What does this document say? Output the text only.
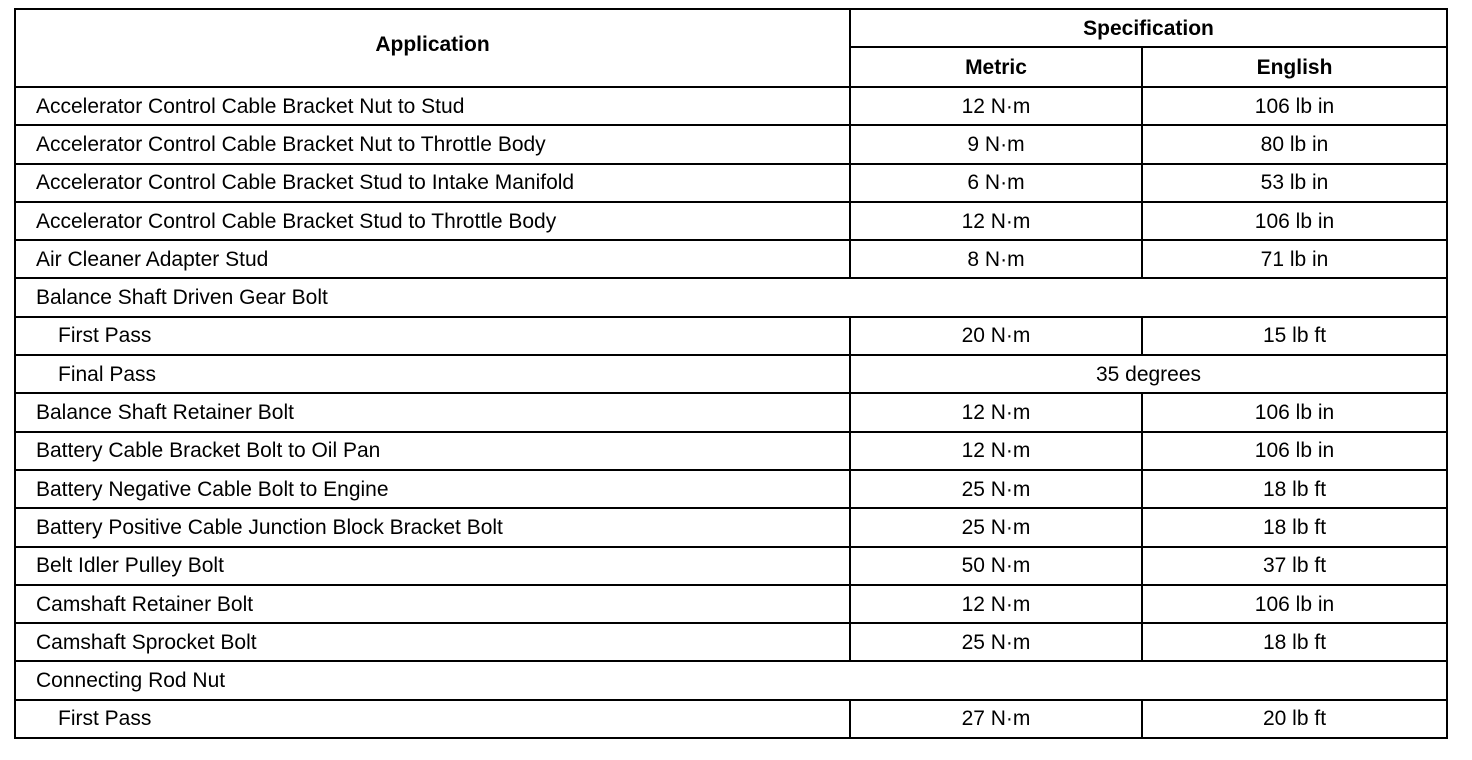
Application	Specification	
	Metric	English
Accelerator Control Cable Bracket Nut to Stud	12 N·m	106 lb in
Accelerator Control Cable Bracket Nut to Throttle Body	9 N·m	80 lb in
Accelerator Control Cable Bracket Stud to Intake Manifold	6 N·m	53 lb in
Accelerator Control Cable Bracket Stud to Throttle Body	12 N·m	106 lb in
Air Cleaner Adapter Stud	8 N·m	71 lb in
Balance Shaft Driven Gear Bolt		
First Pass	20 N·m	15 lb ft
Final Pass	35 degrees	
Balance Shaft Retainer Bolt	12 N·m	106 lb in
Battery Cable Bracket Bolt to Oil Pan	12 N·m	106 lb in
Battery Negative Cable Bolt to Engine	25 N·m	18 lb ft
Battery Positive Cable Junction Block Bracket Bolt	25 N·m	18 lb ft
Belt Idler Pulley Bolt	50 N·m	37 lb ft
Camshaft Retainer Bolt	12 N·m	106 lb in
Camshaft Sprocket Bolt	25 N·m	18 lb ft
Connecting Rod Nut		
First Pass	27 N·m	20 lb ft
